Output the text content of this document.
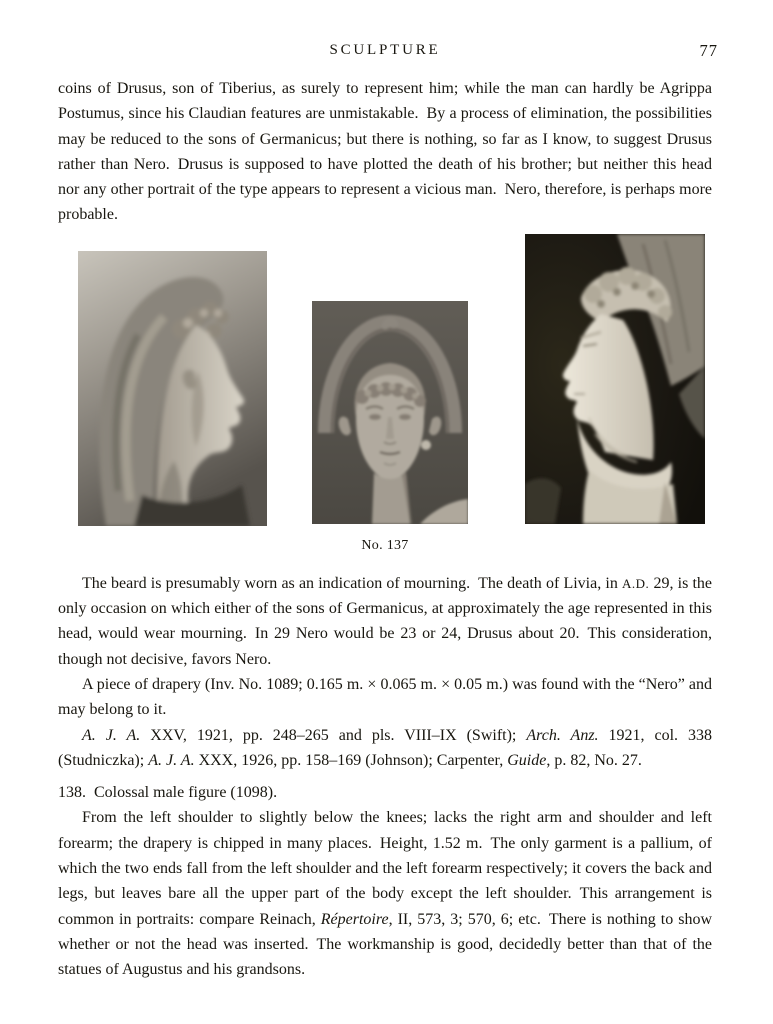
SCULPTURE	77

coins of Drusus, son of Tiberius, as surely to represent him; while the man can hardly be Agrippa Postumus, since his Claudian features are unmistakable. By a process of elimination, the possibilities may be reduced to the sons of Germanicus; but there is nothing, so far as I know, to suggest Drusus rather than Nero. Drusus is supposed to have plotted the death of his brother; but neither this head nor any other portrait of the type appears to represent a vicious man. Nero, therefore, is perhaps more probable.

No. 137

The beard is presumably worn as an indication of mourning. The death of Livia, in A.D. 29, is the only occasion on which either of the sons of Germanicus, at approximately the age represented in this head, would wear mourning. In 29 Nero would be 23 or 24, Drusus about 20. This consideration, though not decisive, favors Nero.

A piece of drapery (Inv. No. 1089; 0.165 m. × 0.065 m. × 0.05 m.) was found with the “Nero” and may belong to it.

A. J. A. XXV, 1921, pp. 248–265 and pls. VIII–IX (Swift); Arch. Anz. 1921, col. 338 (Studniczka); A. J. A. XXX, 1926, pp. 158–169 (Johnson); Carpenter, Guide, p. 82, No. 27.

138. Colossal male figure (1098).

From the left shoulder to slightly below the knees; lacks the right arm and shoulder and left forearm; the drapery is chipped in many places. Height, 1.52 m. The only garment is a pallium, of which the two ends fall from the left shoulder and the left forearm respectively; it covers the back and legs, but leaves bare all the upper part of the body except the left shoulder. This arrangement is common in portraits: compare Reinach, Répertoire, II, 573, 3; 570, 6; etc. There is nothing to show whether or not the head was inserted. The workmanship is good, decidedly better than that of the statues of Augustus and his grandsons.
